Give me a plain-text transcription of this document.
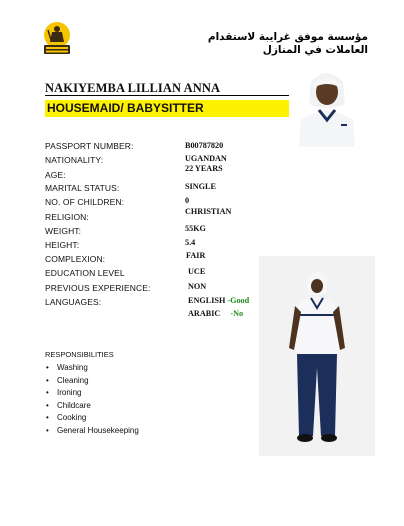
مؤسسة موفق غرايبة لاستقدام العاملات في المنازل
NAKIYEMBA LILLIAN ANNA
HOUSEMAID/ BABYSITTER
PASSPORT NUMBER:
NATIONALITY:
AGE:
MARITAL STATUS:
NO. OF CHILDREN:
RELIGION:
WEIGHT:
HEIGHT:
COMPLEXION:
EDUCATION LEVEL
PREVIOUS EXPERIENCE:
LANGUAGES:
B00787820
UGANDAN
22 YEARS
SINGLE
0
CHRISTIAN
55KG
5.4
FAIR
UCE
NON
ENGLISH -Good
ARABIC -No
RESPONSIBILITIES
• Washing
• Cleaning
• Ironing
• Childcare
• Cooking
• General Housekeeping
